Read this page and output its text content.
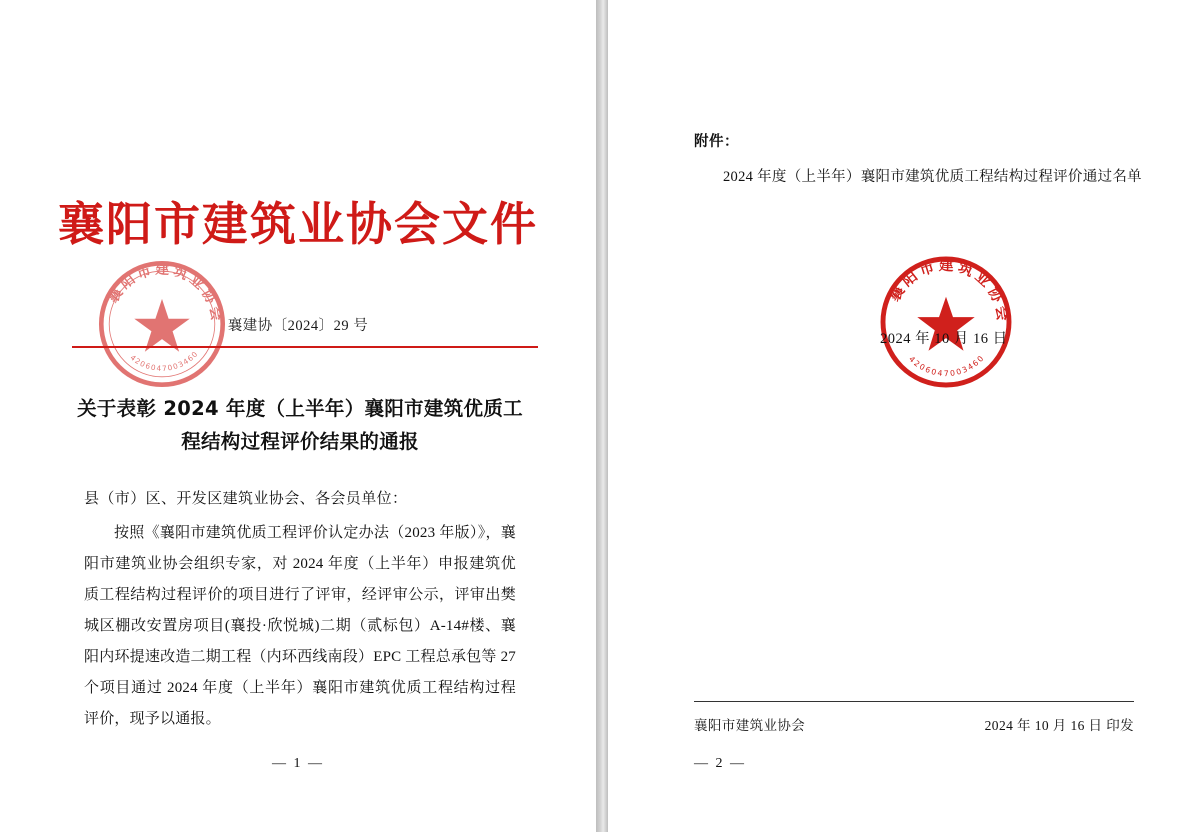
襄阳市建筑业协会
4206047003460
襄阳市建筑业协会文件
襄建协〔2024〕29 号
关于表彰 2024 年度（上半年）襄阳市建筑优质工程结构过程评价结果的通报
县（市）区、开发区建筑业协会、各会员单位：
按照《襄阳市建筑优质工程评价认定办法（2023 年版）》，襄阳市建筑业协会组织专家，对 2024 年度（上半年）申报建筑优质工程结构过程评价的项目进行了评审，经评审公示，评审出樊城区棚改安置房项目(襄投·欣悦城)二期（贰标包）A-14#楼、襄阳内环提速改造二期工程（内环西线南段）EPC 工程总承包等 27 个项目通过 2024 年度（上半年）襄阳市建筑优质工程结构过程评价，现予以通报。
— 1 —
附件：
2024 年度（上半年）襄阳市建筑优质工程结构过程评价通过名单
襄阳市建筑业协会
4206047003460
2024 年 10 月 16 日
襄阳市建筑业协会	2024 年 10 月 16 日 印发
— 2 —
